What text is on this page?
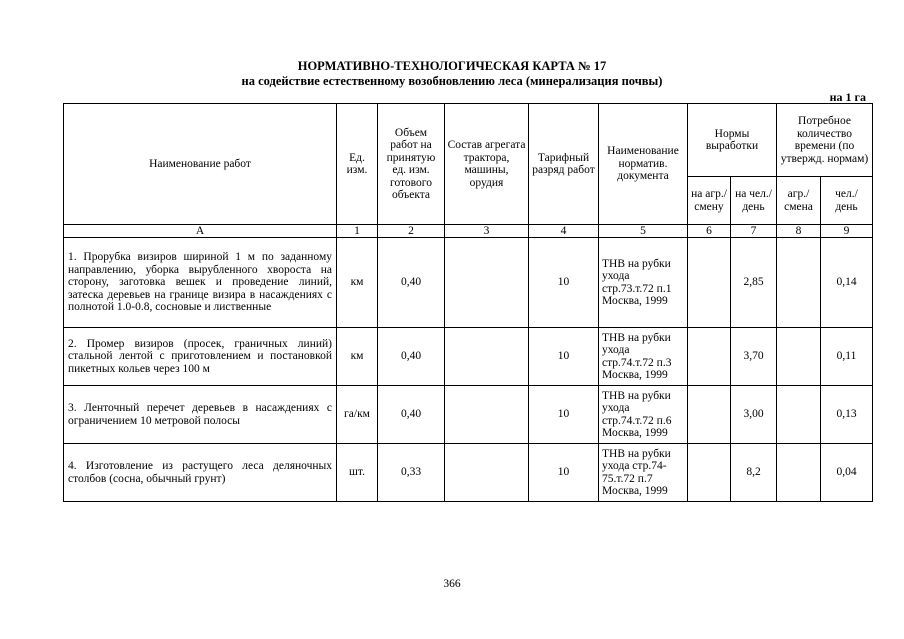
НОРМАТИВНО-ТЕХНОЛОГИЧЕСКАЯ КАРТА № 17
на содействие естественному возобновлению леса (минерализация почвы)
на 1 га
Наименование работ	Ед. изм.	Объем работ на принятую ед. изм. готового объекта	Состав агрегата трактора, машины, орудия	Тарифный разряд работ	Наименование норматив. документа	Нормы выработки		Потребное количество времени (по утвержд. нормам)	
						на агр./ смену	на чел./ день	агр./ смена	чел./ день
А	1	2	3	4	5	6	7	8	9
1. Прорубка визиров шириной 1 м по заданному направлению, уборка вырубленного хвороста на сторону, заготовка вешек и проведение линий, затеска деревьев на границе визира в насаждениях с полнотой 1.0-0.8, сосновые и лиственные	км	0,40		10	ТНВ на рубки ухода стр.73.т.72 п.1 Москва, 1999		2,85		0,14
2. Промер визиров (просек, граничных линий) стальной лентой с приготовлением и постановкой пикетных кольев через 100 м	км	0,40		10	ТНВ на рубки ухода стр.74.т.72 п.3 Москва, 1999		3,70		0,11
3. Ленточный перечет деревьев в насаждениях с ограничением 10 метровой полосы	га/км	0,40		10	ТНВ на рубки ухода стр.74.т.72 п.6 Москва, 1999		3,00		0,13
4. Изготовление из растущего леса деляночных столбов (сосна, обычный грунт)	шт.	0,33		10	ТНВ на рубки ухода стр.74-75.т.72 п.7 Москва, 1999		8,2		0,04
366
